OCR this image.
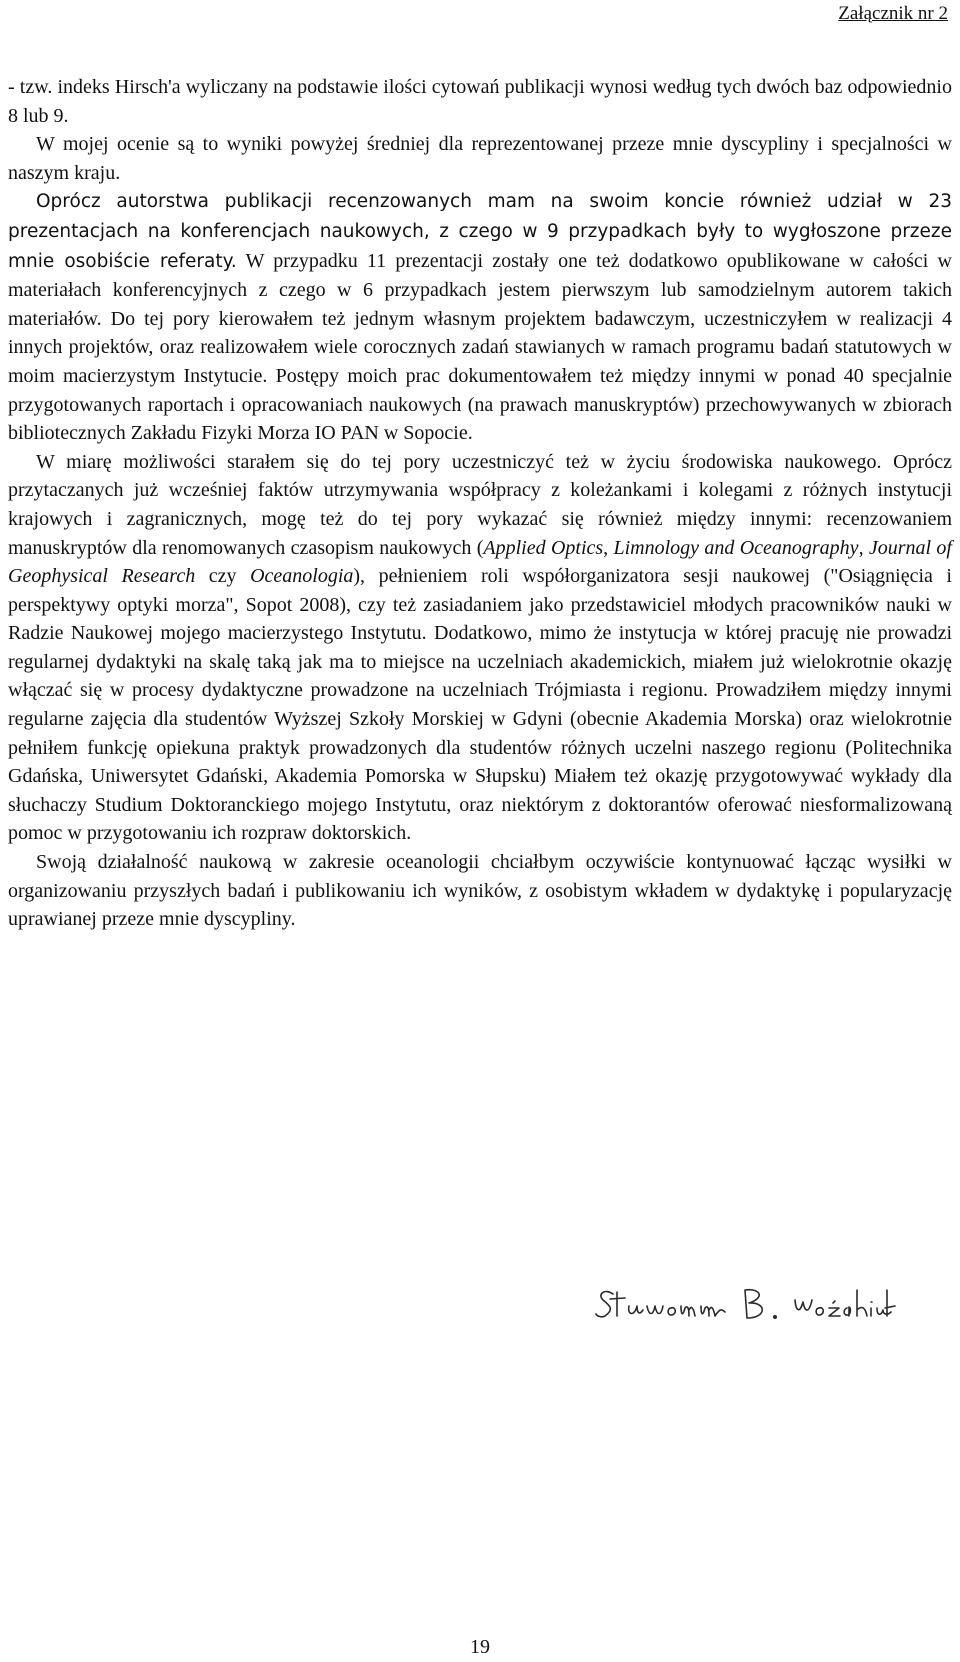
Załącznik nr 2

- tzw. indeks Hirsch'a wyliczany na podstawie ilości cytowań publikacji wynosi według tych dwóch baz odpowiednio 8 lub 9.

W mojej ocenie są to wyniki powyżej średniej dla reprezentowanej przeze mnie dyscypliny i specjalności w naszym kraju.

Oprócz autorstwa publikacji recenzowanych mam na swoim koncie również udział w 23 prezentacjach na konferencjach naukowych, z czego w 9 przypadkach były to wygłoszone przeze mnie osobiście referaty. W przypadku 11 prezentacji zostały one też dodatkowo opublikowane w całości w materiałach konferencyjnych z czego w 6 przypadkach jestem pierwszym lub samodzielnym autorem takich materiałów. Do tej pory kierowałem też jednym własnym projektem badawczym, uczestniczyłem w realizacji 4 innych projektów, oraz realizowałem wiele corocznych zadań stawianych w ramach programu badań statutowych w moim macierzystym Instytucie. Postępy moich prac dokumentowałem też między innymi w ponad 40 specjalnie przygotowanych raportach i opracowaniach naukowych (na prawach manuskryptów) przechowywanych w zbiorach bibliotecznych Zakładu Fizyki Morza IO PAN w Sopocie.

W miarę możliwości starałem się do tej pory uczestniczyć też w życiu środowiska naukowego. Oprócz przytaczanych już wcześniej faktów utrzymywania współpracy z koleżankami i kolegami z różnych instytucji krajowych i zagranicznych, mogę też do tej pory wykazać się również między innymi: recenzowaniem manuskryptów dla renomowanych czasopism naukowych (Applied Optics, Limnology and Oceanography, Journal of Geophysical Research czy Oceanologia), pełnieniem roli współorganizatora sesji naukowej ("Osiągnięcia i perspektywy optyki morza", Sopot 2008), czy też zasiadaniem jako przedstawiciel młodych pracowników nauki w Radzie Naukowej mojego macierzystego Instytutu. Dodatkowo, mimo że instytucja w której pracuję nie prowadzi regularnej dydaktyki na skalę taką jak ma to miejsce na uczelniach akademickich, miałem już wielokrotnie okazję włączać się w procesy dydaktyczne prowadzone na uczelniach Trójmiasta i regionu. Prowadziłem między innymi regularne zajęcia dla studentów Wyższej Szkoły Morskiej w Gdyni (obecnie Akademia Morska) oraz wielokrotnie pełniłem funkcję opiekuna praktyk prowadzonych dla studentów różnych uczelni naszego regionu (Politechnika Gdańska, Uniwersytet Gdański, Akademia Pomorska w Słupsku) Miałem też okazję przygotowywać wykłady dla słuchaczy Studium Doktoranckiego mojego Instytutu, oraz niektórym z doktorantów oferować niesformalizowaną pomoc w przygotowaniu ich rozpraw doktorskich.

Swoją działalność naukową w zakresie oceanologii chciałbym oczywiście kontynuować łącząc wysiłki w organizowaniu przyszłych badań i publikowaniu ich wyników, z osobistym wkładem w dydaktykę i popularyzację uprawianej przeze mnie dyscypliny.

19
